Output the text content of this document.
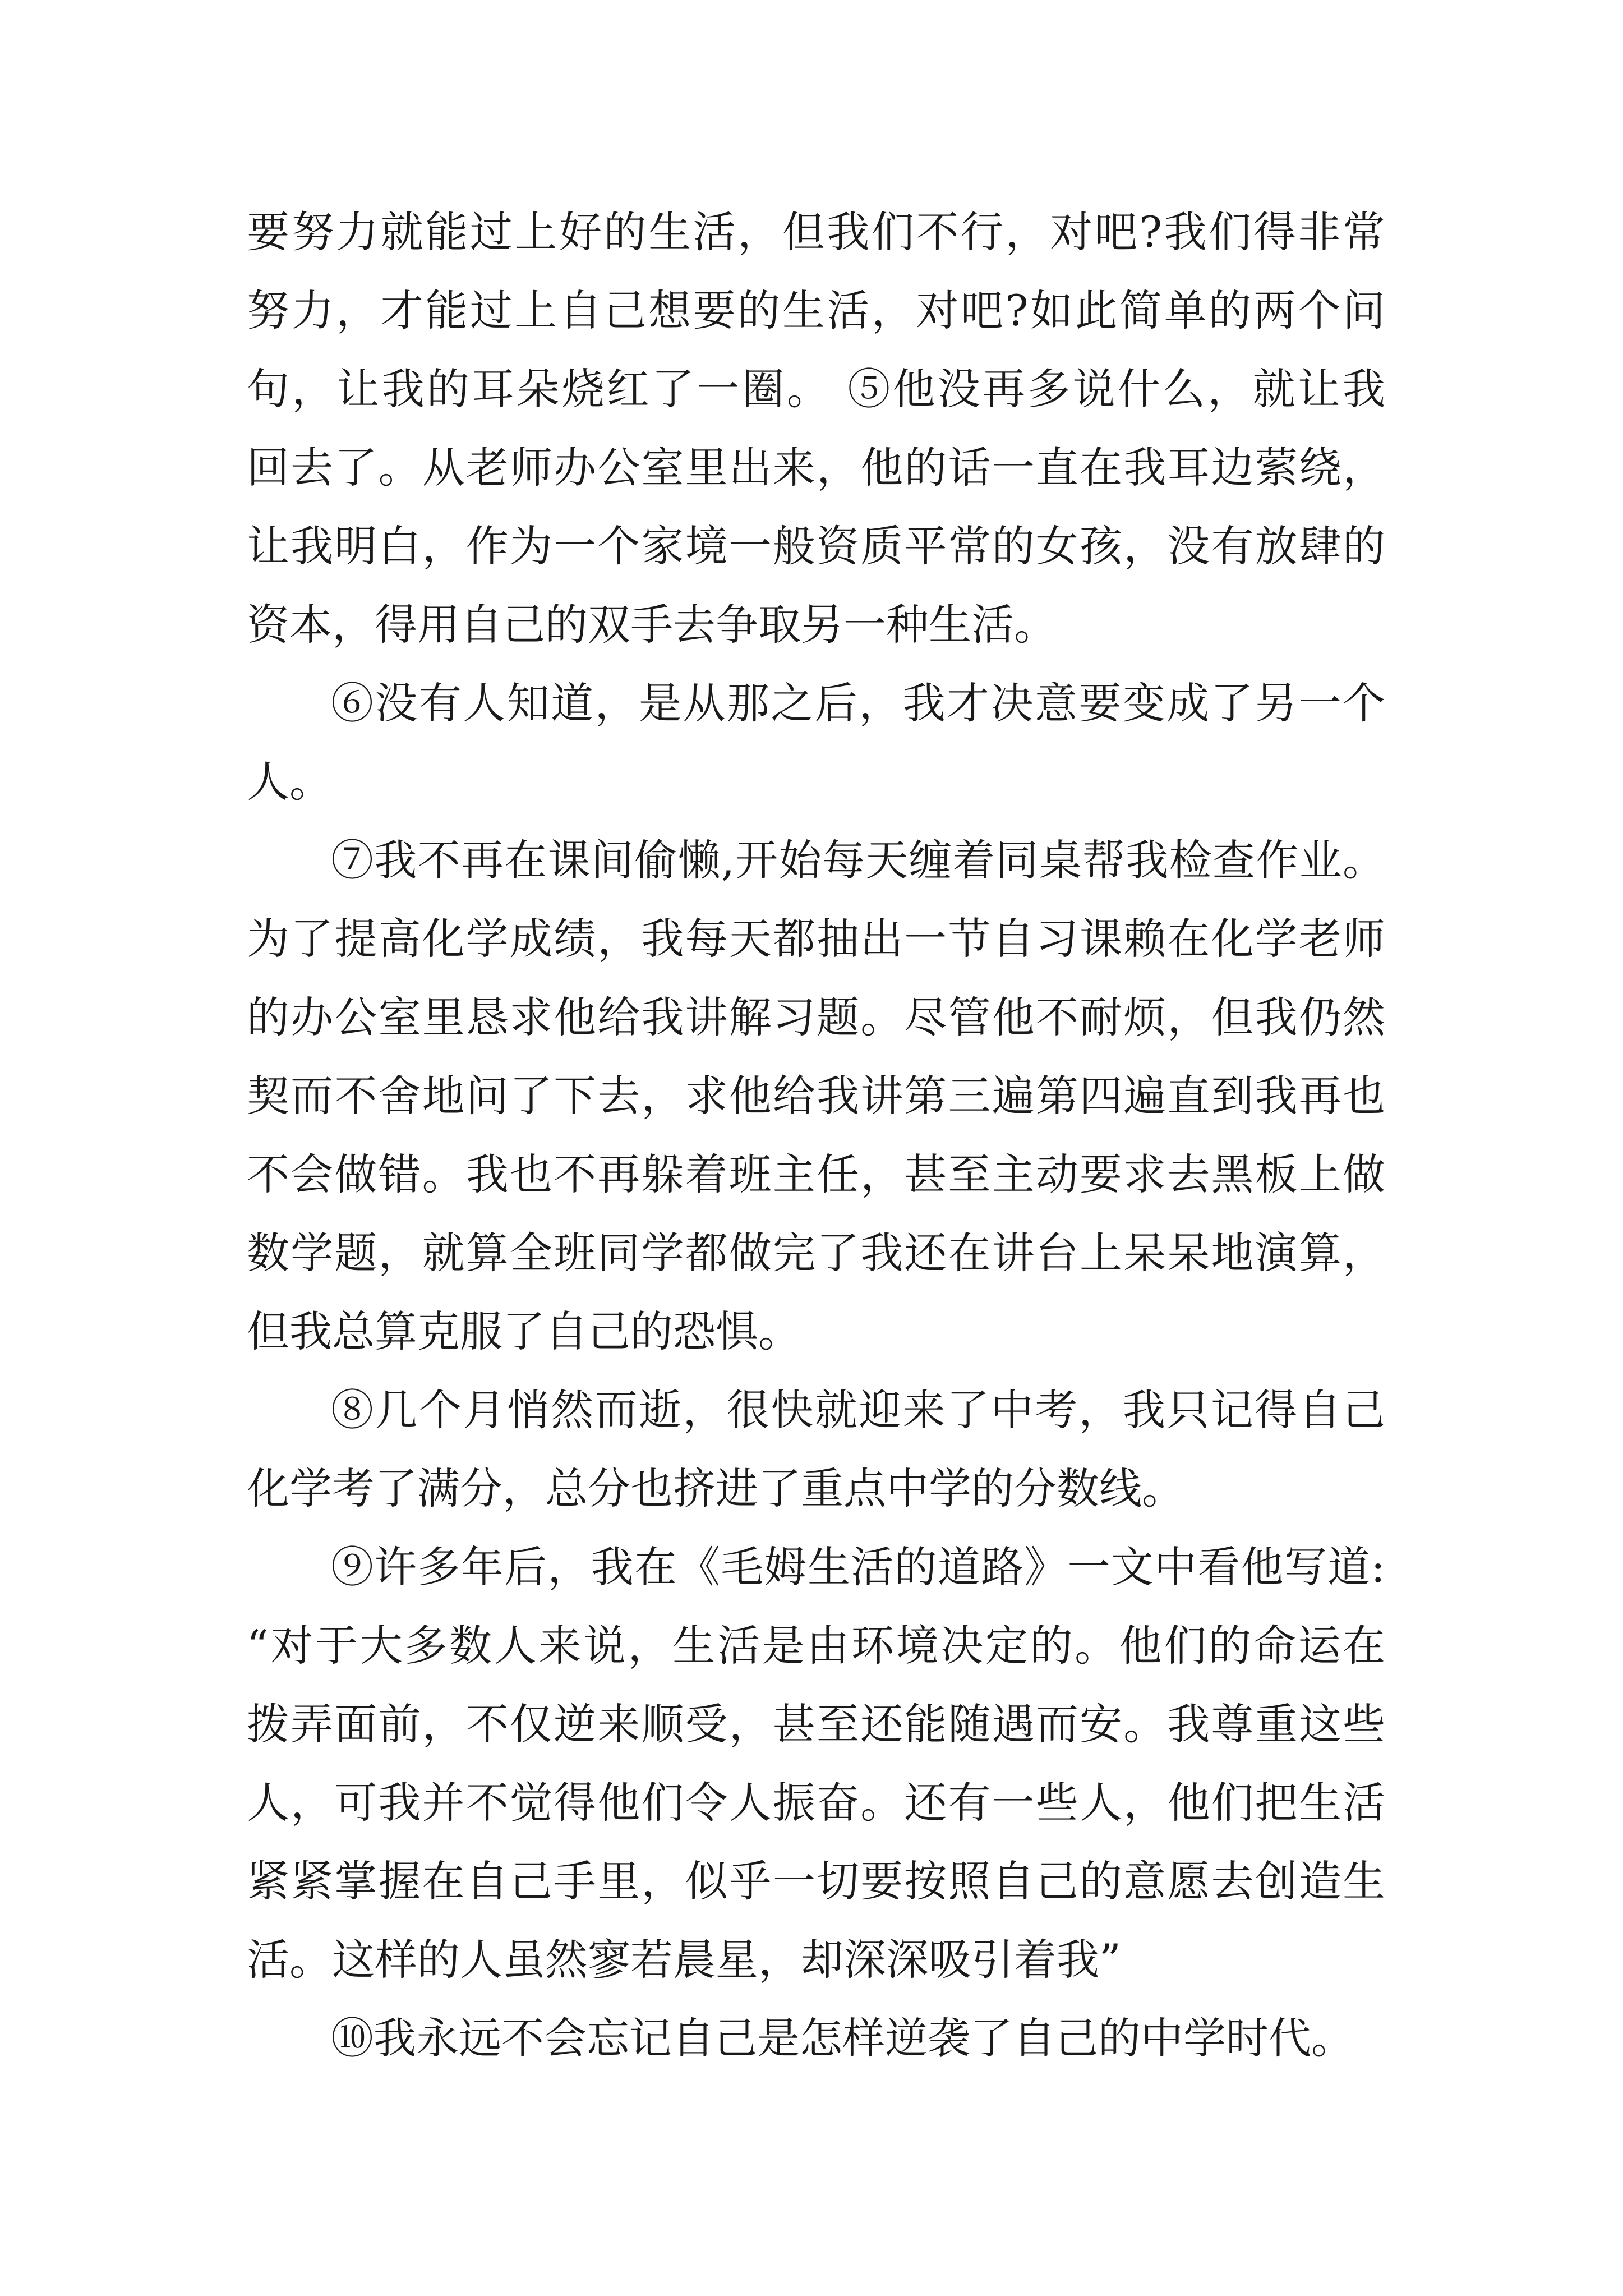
要努力就能过上好的生活，但我们不行，对吧?我们得非常
努力，才能过上自己想要的生活，对吧?如此简单的两个问
句，让我的耳朵烧红了一圈。 ⑤他没再多说什么，就让我
回去了。从老师办公室里出来，他的话一直在我耳边萦绕，
让我明白，作为一个家境一般资质平常的女孩，没有放肆的
资本，得用自己的双手去争取另一种生活。
⑥没有人知道，是从那之后，我才决意要变成了另一个
人。
⑦我不再在课间偷懒,开始每天缠着同桌帮我检查作业。
为了提高化学成绩，我每天都抽出一节自习课赖在化学老师
的办公室里恳求他给我讲解习题。尽管他不耐烦，但我仍然
契而不舍地问了下去，求他给我讲第三遍第四遍直到我再也
不会做错。我也不再躲着班主任，甚至主动要求去黑板上做
数学题，就算全班同学都做完了我还在讲台上呆呆地演算，
但我总算克服了自己的恐惧。
⑧几个月悄然而逝，很快就迎来了中考，我只记得自己
化学考了满分，总分也挤进了重点中学的分数线。
⑨许多年后，我在《毛姆生活的道路》一文中看他写道:
“对于大多数人来说，生活是由环境决定的。他们的命运在
拨弄面前，不仅逆来顺受，甚至还能随遇而安。我尊重这些
人，可我并不觉得他们令人振奋。还有一些人，他们把生活
紧紧掌握在自己手里，似乎一切要按照自己的意愿去创造生
活。这样的人虽然寥若晨星，却深深吸引着我”
⑩我永远不会忘记自己是怎样逆袭了自己的中学时代。
